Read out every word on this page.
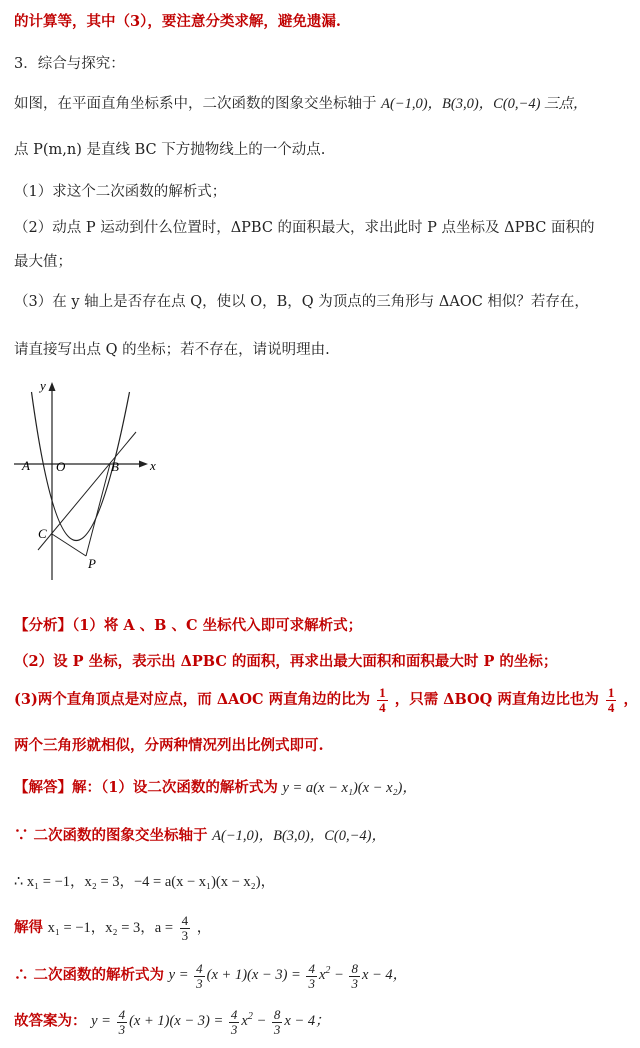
的计算等，其中（3），要注意分类求解，避免遗漏.
3．综合与探究：
如图，在平面直角坐标系中，二次函数的图象交坐标轴于 A(−1,0)，B(3,0)，C(0,−4) 三点，
点 P(m,n) 是直线 BC 下方抛物线上的一个动点.
（1）求这个二次函数的解析式；
（2）动点 P 运动到什么位置时，ΔPBC 的面积最大，求出此时 P 点坐标及 ΔPBC 面积的
最大值；
（3）在 y 轴上是否存在点 Q，使以 O，B，Q 为顶点的三角形与 ΔAOC 相似？若存在，
请直接写出点 Q 的坐标；若不存在，请说明理由.
y
x
A O	B
C
P
【分析】（1）将 A 、B 、C 坐标代入即可求解析式；
（2）设 P 坐标，表示出 ΔPBC 的面积，再求出最大面积和面积最大时 P 的坐标；
(3)两个直角顶点是对应点，而 ΔAOC 两直角边的比为 $\frac{1}{4}$ ，只需 ΔBOQ 两直角边比也为 $\frac{1}{4}$ ，
两个三角形就相似，分两种情况列出比例式即可.
【解答】解：（1）设二次函数的解析式为 y = a(x − x₁)(x − x₂)，
∵ 二次函数的图象交坐标轴于 A(−1,0)，B(3,0)，C(0,−4)，
∴ x₁ = −1，x₂ = 3，−4 = a(x − x₁)(x − x₂)，
解得 x₁ = −1，x₂ = 3，$a = \frac{4}{3}$ ，
∴ 二次函数的解析式为 $y = \frac{4}{3} (x + 1)(x - 3) = \frac{4}{3} x^2 - \frac{8}{3}$ x − 4，
故答案为： $y = \frac{4}{3} (x + 1)(x - 3) = \frac{4}{3} x^2 - \frac{8}{3}$ x − 4；
